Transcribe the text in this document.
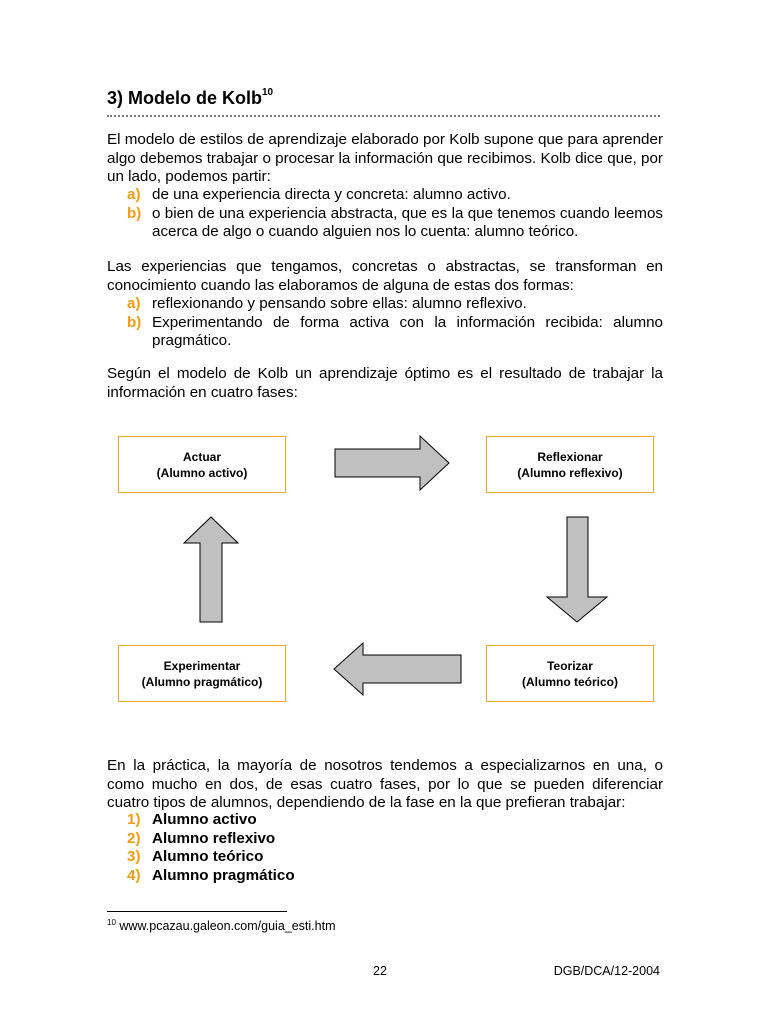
3) Modelo de Kolb$^{10}$

El modelo de estilos de aprendizaje elaborado por Kolb supone que para aprender algo debemos trabajar o procesar la información que recibimos. Kolb dice que, por un lado, podemos partir:

a) de una experiencia directa y concreta: alumno activo.
b) o bien de una experiencia abstracta, que es la que tenemos cuando leemos acerca de algo o cuando alguien nos lo cuenta: alumno teórico.

Las experiencias que tengamos, concretas o abstractas, se transforman en conocimiento cuando las elaboramos de alguna de estas dos formas:

a) reflexionando y pensando sobre ellas: alumno reflexivo.
b) Experimentando de forma activa con la información recibida: alumno pragmático.

Según el modelo de Kolb un aprendizaje óptimo es el resultado de trabajar la información en cuatro fases:

Actuar
(Alumno activo)
Reflexionar
(Alumno reflexivo)
Teorizar
(Alumno teórico)
Experimentar
(Alumno pragmático)

En la práctica, la mayoría de nosotros tendemos a especializarnos en una, o como mucho en dos, de esas cuatro fases, por lo que se pueden diferenciar cuatro tipos de alumnos, dependiendo de la fase en la que prefieran trabajar:

1) Alumno activo
2) Alumno reflexivo
3) Alumno teórico
4) Alumno pragmático
$^{10}$ www.pcazau.galeon.com/guia_esti.htm
22	DGB/DCA/12-2004
